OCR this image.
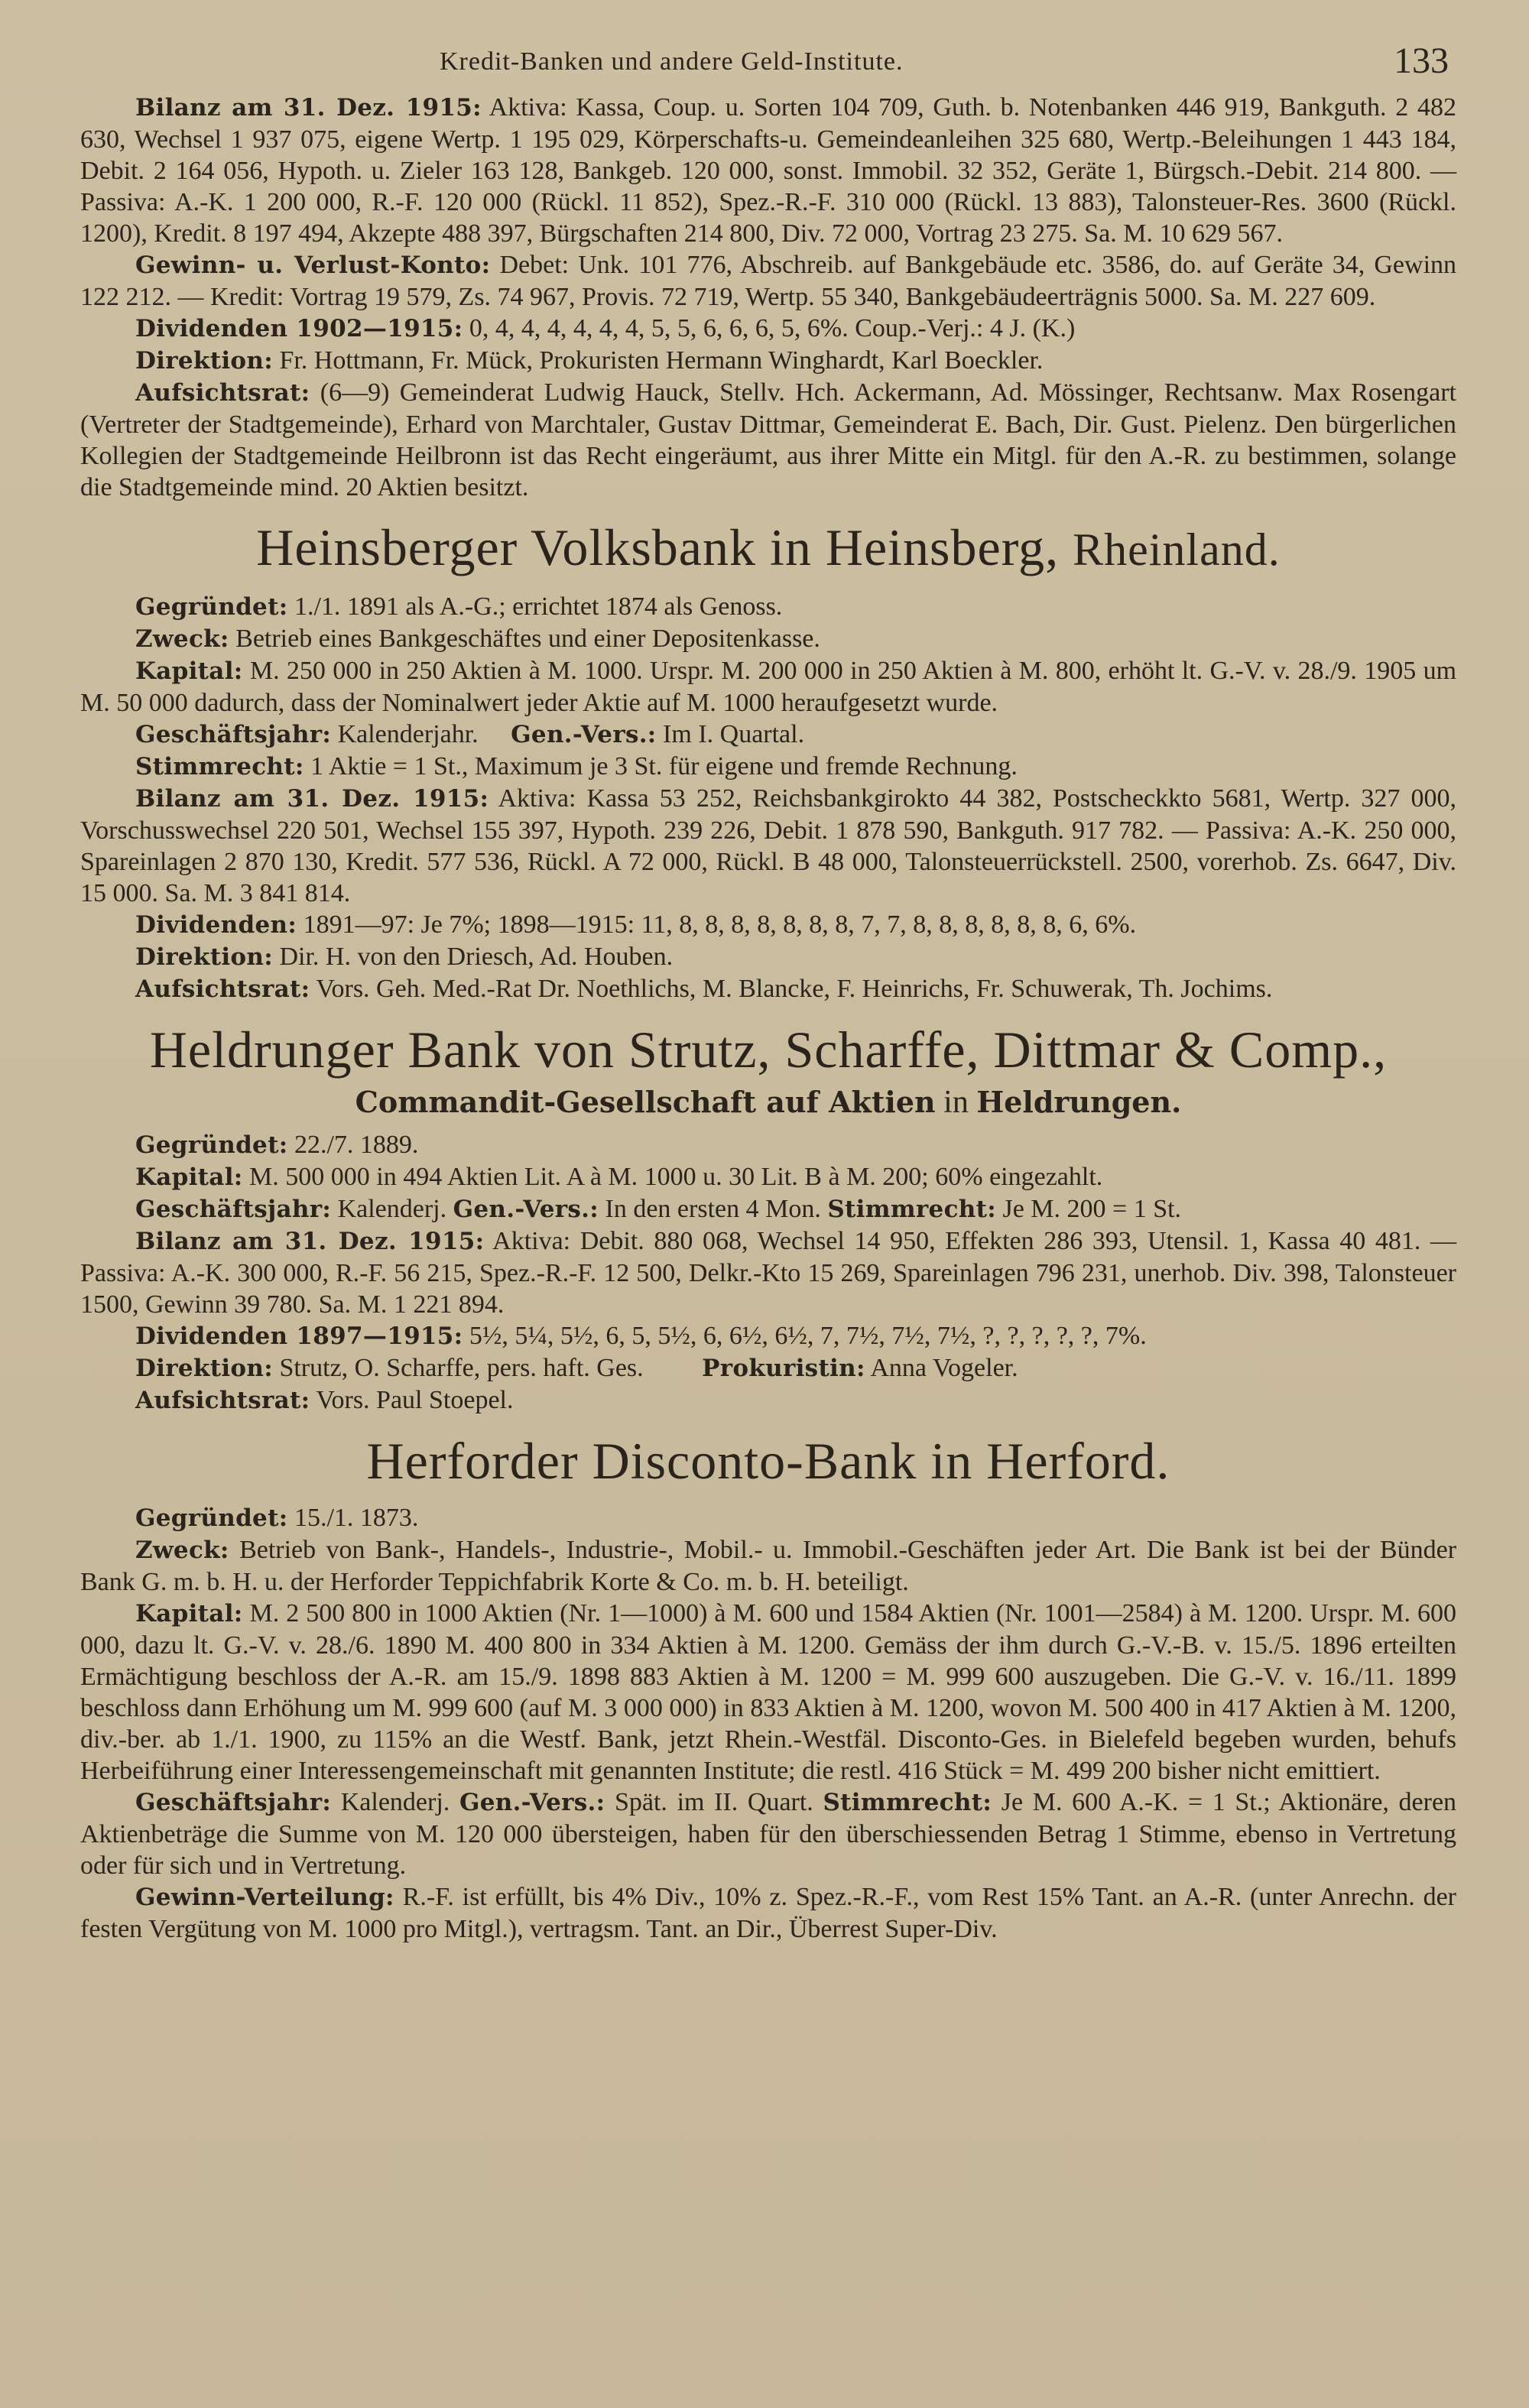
Kredit-Banken und andere Geld-Institute.	133

Bilanz am 31. Dez. 1915: Aktiva: Kassa, Coup. u. Sorten 104 709, Guth. b. Notenbanken 446 919, Bankguth. 2 482 630, Wechsel 1 937 075, eigene Wertp. 1 195 029, Körperschafts-u. Gemeindeanleihen 325 680, Wertp.-Beleihungen 1 443 184, Debit. 2 164 056, Hypoth. u. Zieler 163 128, Bankgeb. 120 000, sonst. Immobil. 32 352, Geräte 1, Bürgsch.-Debit. 214 800. — Passiva: A.-K. 1 200 000, R.-F. 120 000 (Rückl. 11 852), Spez.-R.-F. 310 000 (Rückl. 13 883), Talonsteuer-Res. 3600 (Rückl. 1200), Kredit. 8 197 494, Akzepte 488 397, Bürgschaften 214 800, Div. 72 000, Vortrag 23 275. Sa. M. 10 629 567.

Gewinn- u. Verlust-Konto: Debet: Unk. 101 776, Abschreib. auf Bankgebäude etc. 3586, do. auf Geräte 34, Gewinn 122 212. — Kredit: Vortrag 19 579, Zs. 74 967, Provis. 72 719, Wertp. 55 340, Bankgebäudeerträgnis 5000. Sa. M. 227 609.

Dividenden 1902—1915: 0, 4, 4, 4, 4, 4, 4, 5, 5, 6, 6, 6, 5, 6%. Coup.-Verj.: 4 J. (K.)

Direktion: Fr. Hottmann, Fr. Mück, Prokuristen Hermann Winghardt, Karl Boeckler.

Aufsichtsrat: (6—9) Gemeinderat Ludwig Hauck, Stellv. Hch. Ackermann, Ad. Mössinger, Rechtsanw. Max Rosengart (Vertreter der Stadtgemeinde), Erhard von Marchtaler, Gustav Dittmar, Gemeinderat E. Bach, Dir. Gust. Pielenz. Den bürgerlichen Kollegien der Stadtgemeinde Heilbronn ist das Recht eingeräumt, aus ihrer Mitte ein Mitgl. für den A.-R. zu bestimmen, solange die Stadtgemeinde mind. 20 Aktien besitzt.

Heinsberger Volksbank in Heinsberg, Rheinland.

Gegründet: 1./1. 1891 als A.-G.; errichtet 1874 als Genoss.

Zweck: Betrieb eines Bankgeschäftes und einer Depositenkasse.

Kapital: M. 250 000 in 250 Aktien à M. 1000. Urspr. M. 200 000 in 250 Aktien à M. 800, erhöht lt. G.-V. v. 28./9. 1905 um M. 50 000 dadurch, dass der Nominalwert jeder Aktie auf M. 1000 heraufgesetzt wurde.

Geschäftsjahr: Kalenderjahr. Gen.-Vers.: Im I. Quartal.

Stimmrecht: 1 Aktie = 1 St., Maximum je 3 St. für eigene und fremde Rechnung.

Bilanz am 31. Dez. 1915: Aktiva: Kassa 53 252, Reichsbankgirokto 44 382, Postscheckkto 5681, Wertp. 327 000, Vorschusswechsel 220 501, Wechsel 155 397, Hypoth. 239 226, Debit. 1 878 590, Bankguth. 917 782. — Passiva: A.-K. 250 000, Spareinlagen 2 870 130, Kredit. 577 536, Rückl. A 72 000, Rückl. B 48 000, Talonsteuerrückstell. 2500, vorerhob. Zs. 6647, Div. 15 000. Sa. M. 3 841 814.

Dividenden: 1891—97: Je 7%; 1898—1915: 11, 8, 8, 8, 8, 8, 8, 8, 7, 7, 8, 8, 8, 8, 8, 8, 6, 6%.

Direktion: Dir. H. von den Driesch, Ad. Houben.

Aufsichtsrat: Vors. Geh. Med.-Rat Dr. Noethlichs, M. Blancke, F. Heinrichs, Fr. Schuwerak, Th. Jochims.

Heldrunger Bank von Strutz, Scharffe, Dittmar & Comp.,
Commandit-Gesellschaft auf Aktien in Heldrungen.

Gegründet: 22./7. 1889.

Kapital: M. 500 000 in 494 Aktien Lit. A à M. 1000 u. 30 Lit. B à M. 200; 60% eingezahlt.

Geschäftsjahr: Kalenderj. Gen.-Vers.: In den ersten 4 Mon. Stimmrecht: Je M. 200 = 1 St.

Bilanz am 31. Dez. 1915: Aktiva: Debit. 880 068, Wechsel 14 950, Effekten 286 393, Utensil. 1, Kassa 40 481. — Passiva: A.-K. 300 000, R.-F. 56 215, Spez.-R.-F. 12 500, Delkr.-Kto 15 269, Spareinlagen 796 231, unerhob. Div. 398, Talonsteuer 1500, Gewinn 39 780. Sa. M. 1 221 894.

Dividenden 1897—1915: 5½, 5¼, 5½, 6, 5, 5½, 6, 6½, 6½, 7, 7½, 7½, 7½, ?, ?, ?, ?, ?, 7%.

Direktion: Strutz, O. Scharffe, pers. haft. Ges. Prokuristin: Anna Vogeler.

Aufsichtsrat: Vors. Paul Stoepel.

Herforder Disconto-Bank in Herford.

Gegründet: 15./1. 1873.

Zweck: Betrieb von Bank-, Handels-, Industrie-, Mobil.- u. Immobil.-Geschäften jeder Art. Die Bank ist bei der Bünder Bank G. m. b. H. u. der Herforder Teppichfabrik Korte & Co. m. b. H. beteiligt.

Kapital: M. 2 500 800 in 1000 Aktien (Nr. 1—1000) à M. 600 und 1584 Aktien (Nr. 1001—2584) à M. 1200. Urspr. M. 600 000, dazu lt. G.-V. v. 28./6. 1890 M. 400 800 in 334 Aktien à M. 1200. Gemäss der ihm durch G.-V.-B. v. 15./5. 1896 erteilten Ermächtigung beschloss der A.-R. am 15./9. 1898 883 Aktien à M. 1200 = M. 999 600 auszugeben. Die G.-V. v. 16./11. 1899 beschloss dann Erhöhung um M. 999 600 (auf M. 3 000 000) in 833 Aktien à M. 1200, wovon M. 500 400 in 417 Aktien à M. 1200, div.-ber. ab 1./1. 1900, zu 115% an die Westf. Bank, jetzt Rhein.-Westfäl. Disconto-Ges. in Bielefeld begeben wurden, behufs Herbeiführung einer Interessengemeinschaft mit genannten Institute; die restl. 416 Stück = M. 499 200 bisher nicht emittiert.

Geschäftsjahr: Kalenderj. Gen.-Vers.: Spät. im II. Quart. Stimmrecht: Je M. 600 A.-K. = 1 St.; Aktionäre, deren Aktienbeträge die Summe von M. 120 000 übersteigen, haben für den überschiessenden Betrag 1 Stimme, ebenso in Vertretung oder für sich und in Vertretung.

Gewinn-Verteilung: R.-F. ist erfüllt, bis 4% Div., 10% z. Spez.-R.-F., vom Rest 15% Tant. an A.-R. (unter Anrechn. der festen Vergütung von M. 1000 pro Mitgl.), vertragsm. Tant. an Dir., Überrest Super-Div.
